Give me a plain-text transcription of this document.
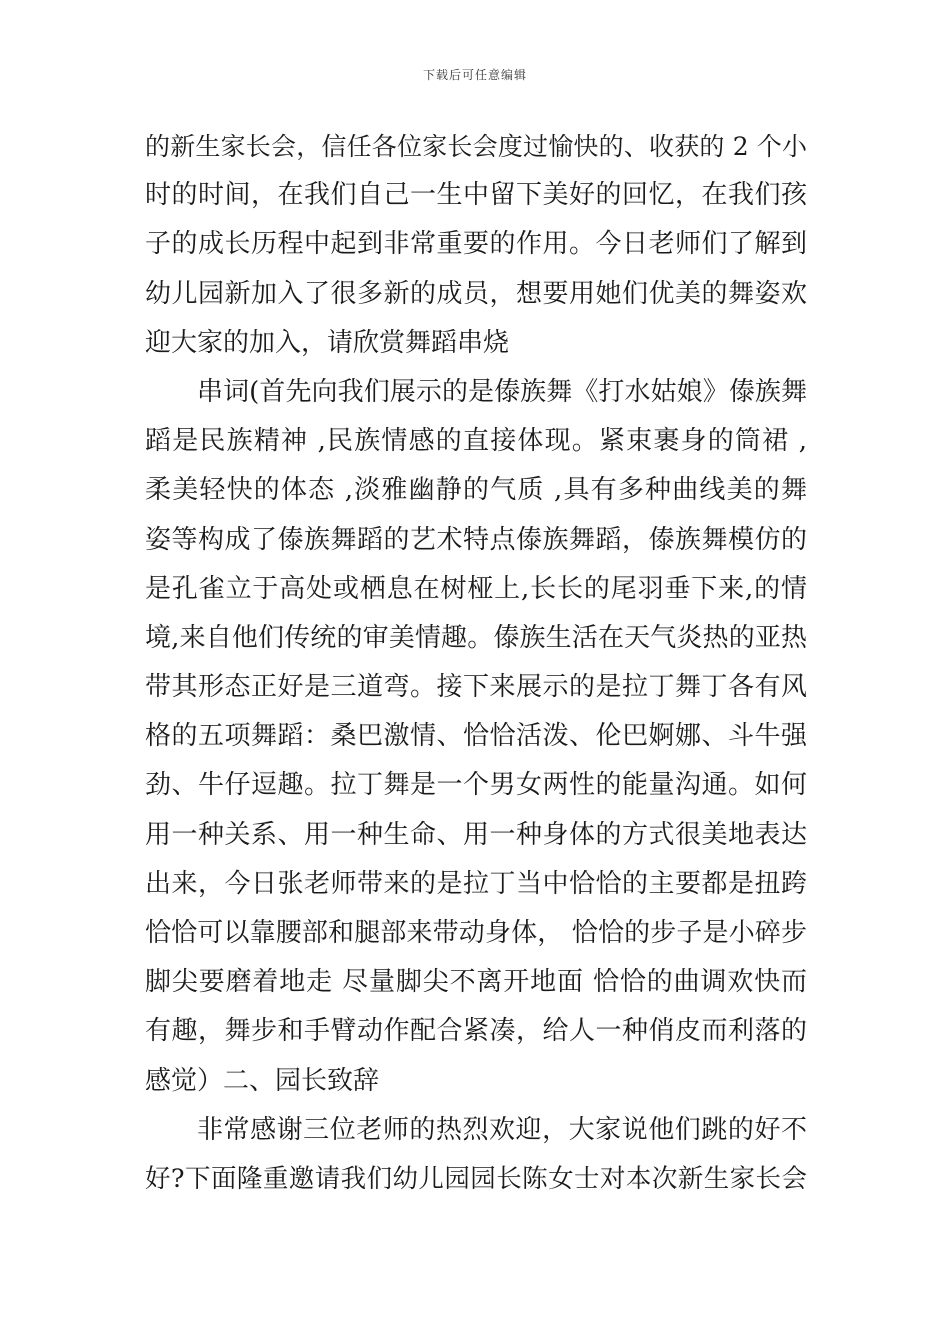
下载后可任意编辑
的新生家长会，信任各位家长会度过愉快的、收获的 2 个小
时的时间，在我们自己一生中留下美好的回忆，在我们孩
子的成长历程中起到非常重要的作用。今日老师们了解到
幼儿园新加入了很多新的成员，想要用她们优美的舞姿欢
迎大家的加入，请欣赏舞蹈串烧
串词(首先向我们展示的是傣族舞《打水姑娘》傣族舞
蹈是民族精神 ,民族情感的直接体现。紧束裹身的筒裙 ,
柔美轻快的体态 ,淡雅幽静的气质 ,具有多种曲线美的舞
姿等构成了傣族舞蹈的艺术特点傣族舞蹈，傣族舞模仿的
是孔雀立于高处或栖息在树桠上,长长的尾羽垂下来,的情
境,来自他们传统的审美情趣。傣族生活在天气炎热的亚热
带其形态正好是三道弯。接下来展示的是拉丁舞丁各有风
格的五项舞蹈：桑巴激情、恰恰活泼、伦巴婀娜、斗牛强
劲、牛仔逗趣。拉丁舞是一个男女两性的能量沟通。如何
用一种关系、用一种生命、用一种身体的方式很美地表达
出来，今日张老师带来的是拉丁当中恰恰的主要都是扭跨
恰恰可以靠腰部和腿部来带动身体， 恰恰的步子是小碎步
脚尖要磨着地走 尽量脚尖不离开地面 恰恰的曲调欢快而
有趣，舞步和手臂动作配合紧凑，给人一种俏皮而利落的
感觉）二、园长致辞
非常感谢三位老师的热烈欢迎，大家说他们跳的好不
好?下面隆重邀请我们幼儿园园长陈女士对本次新生家长会
